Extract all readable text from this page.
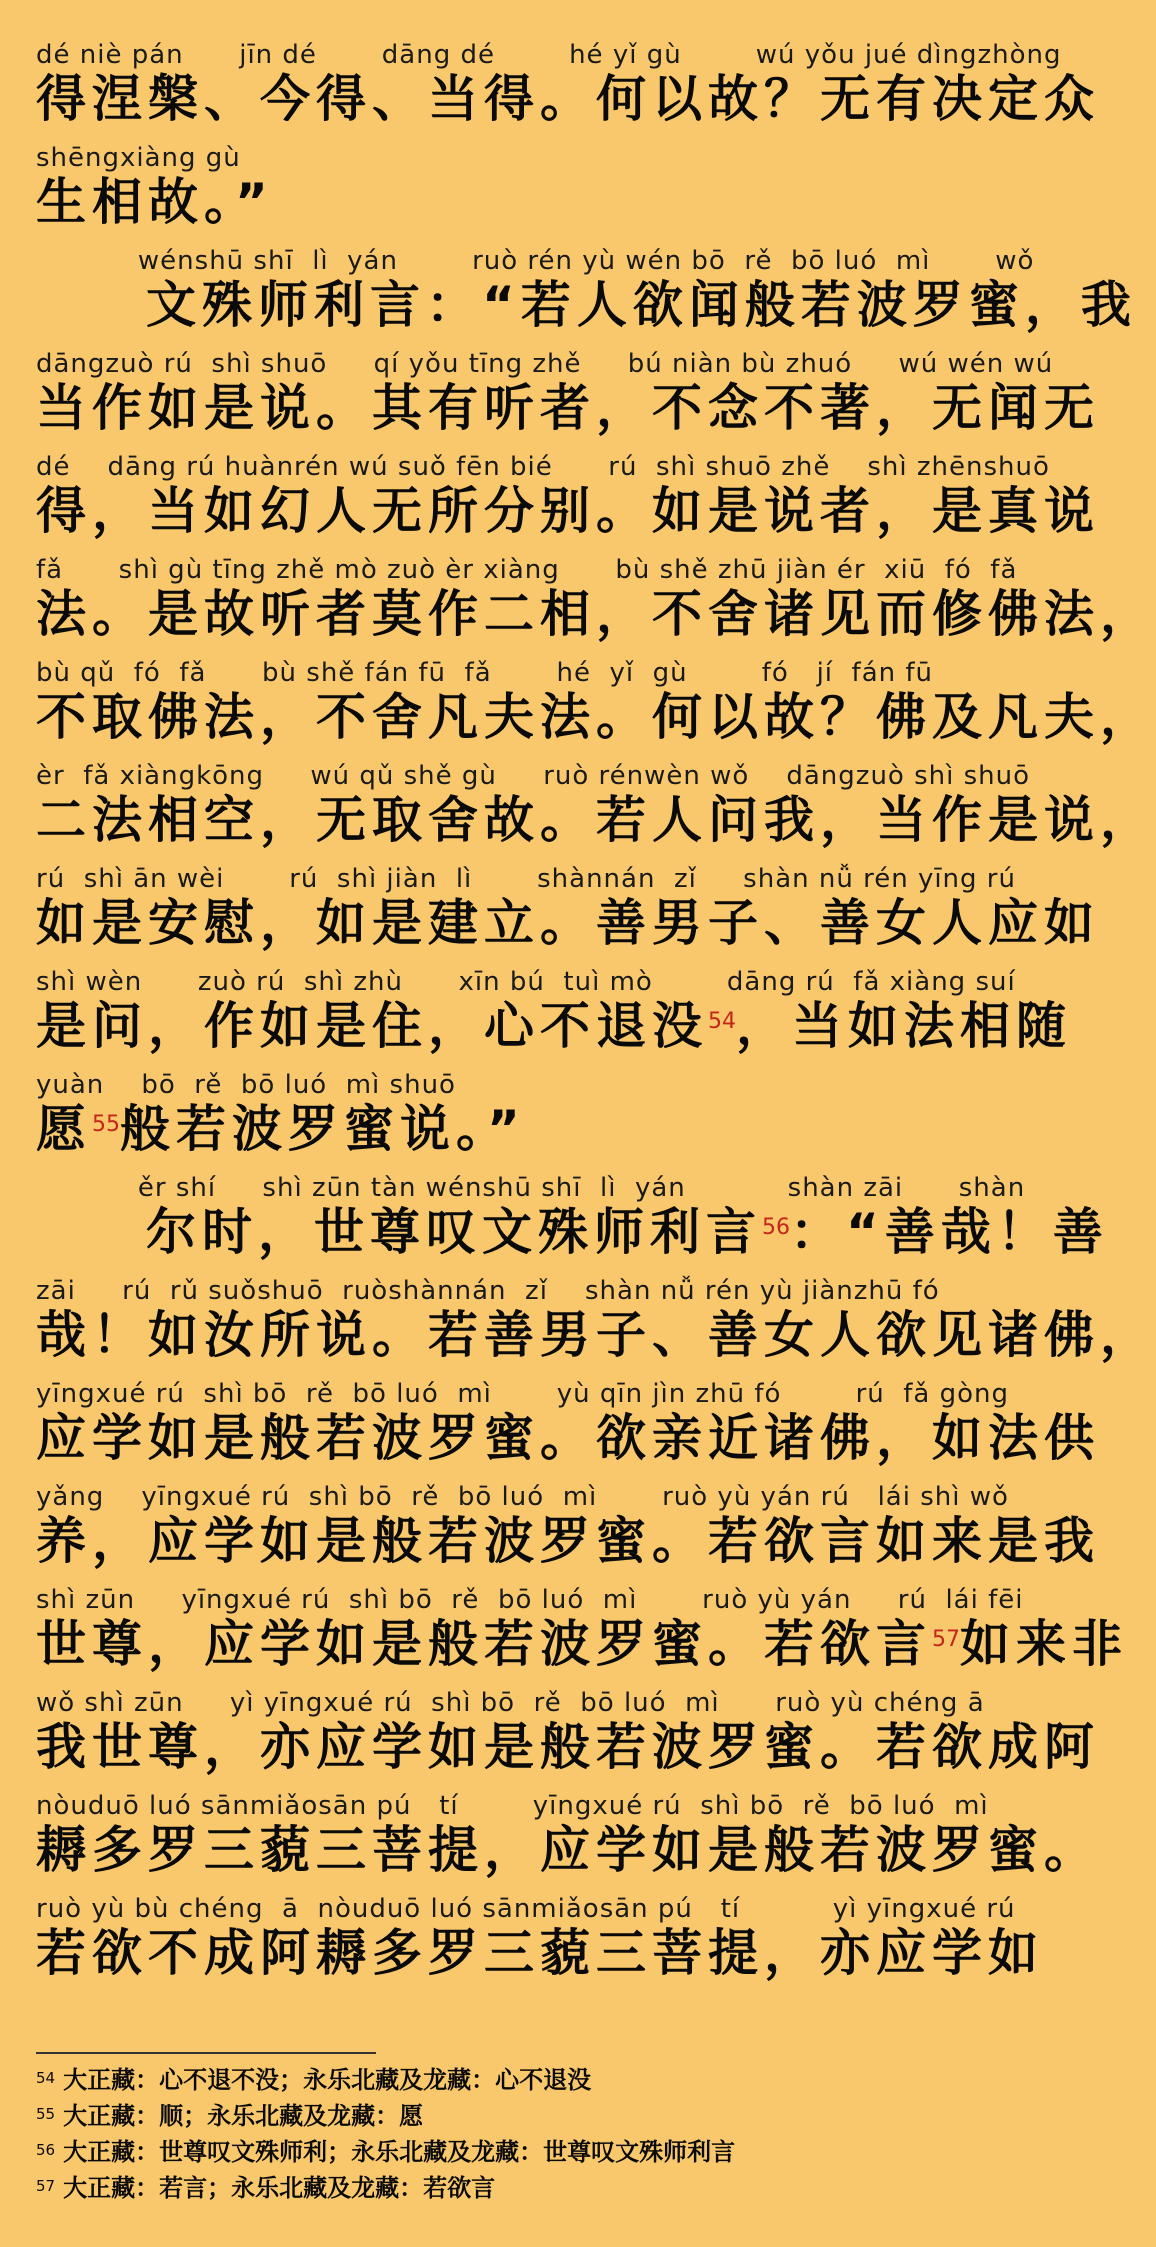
dé niè pán      jīn dé       dāng dé        hé yǐ gù        wú yǒu jué dìngzhòng
得涅槃、今得、当得。何以故？无有决定众
shēngxiàng gù
生相故。”
wénshū shī  lì  yán        ruò rén yù wén bō  rě  bō luó  mì       wǒ
文殊师利言：“若人欲闻般若波罗蜜，我
dāngzuò rú  shì shuō     qí yǒu tīng zhě     bú niàn bù zhuó     wú wén wú
当作如是说。其有听者，不念不著，无闻无
dé    dāng rú huànrén wú suǒ fēn bié      rú  shì shuō zhě    shì zhēnshuō
得，当如幻人无所分别。如是说者，是真说
fǎ      shì gù tīng zhě mò zuò èr xiàng      bù shě zhū jiàn ér  xiū  fó  fǎ
法。是故听者莫作二相，不舍诸见而修佛法，
bù qǔ  fó  fǎ      bù shě fán fū  fǎ       hé  yǐ  gù        fó   jí  fán fū
不取佛法，不舍凡夫法。何以故？佛及凡夫，
èr  fǎ xiàngkōng     wú qǔ shě gù     ruò rénwèn wǒ    dāngzuò shì shuō
二法相空，无取舍故。若人问我，当作是说，
rú  shì ān wèi       rú  shì jiàn  lì       shànnán  zǐ     shàn nǚ rén yīng rú
如是安慰，如是建立。善男子、善女人应如
shì wèn      zuò rú  shì zhù      xīn bú  tuì mò        dāng rú  fǎ xiàng suí
是问，作如是住，心不退没$^{54}$，当如法相随
yuàn    bō  rě  bō luó  mì shuō
愿$^{55}$般若波罗蜜说。”
ěr shí     shì zūn tàn wénshū shī  lì  yán           shàn zāi      shàn
尔时，世尊叹文殊师利言$^{56}$：“善哉！善
zāi     rú  rǔ suǒshuō  ruòshànnán  zǐ    shàn nǚ rén yù jiànzhū fó
哉！如汝所说。若善男子、善女人欲见诸佛，
yīngxué rú  shì bō  rě  bō luó  mì       yù qīn jìn zhū fó        rú  fǎ gòng
应学如是般若波罗蜜。欲亲近诸佛，如法供
yǎng    yīngxué rú  shì bō  rě  bō luó  mì       ruò yù yán rú   lái shì wǒ
养，应学如是般若波罗蜜。若欲言如来是我
shì zūn     yīngxué rú  shì bō  rě  bō luó  mì       ruò yù yán     rú  lái fēi
世尊，应学如是般若波罗蜜。若欲言$^{57}$如来非
wǒ shì zūn     yì yīngxué rú  shì bō  rě  bō luó  mì      ruò yù chéng ā
我世尊，亦应学如是般若波罗蜜。若欲成阿
nòuduō luó sānmiǎosān pú   tí        yīngxué rú  shì bō  rě  bō luó  mì
耨多罗三藐三菩提，应学如是般若波罗蜜。
ruò yù bù chéng  ā  nòuduō luó sānmiǎosān pú   tí          yì yīngxué rú
若欲不成阿耨多罗三藐三菩提，亦应学如
$^{54}$ 大正藏：心不退不没；永乐北藏及龙藏：心不退没
$^{55}$ 大正藏：顺；永乐北藏及龙藏：愿
$^{56}$ 大正藏：世尊叹文殊师利；永乐北藏及龙藏：世尊叹文殊师利言
$^{57}$ 大正藏：若言；永乐北藏及龙藏：若欲言
